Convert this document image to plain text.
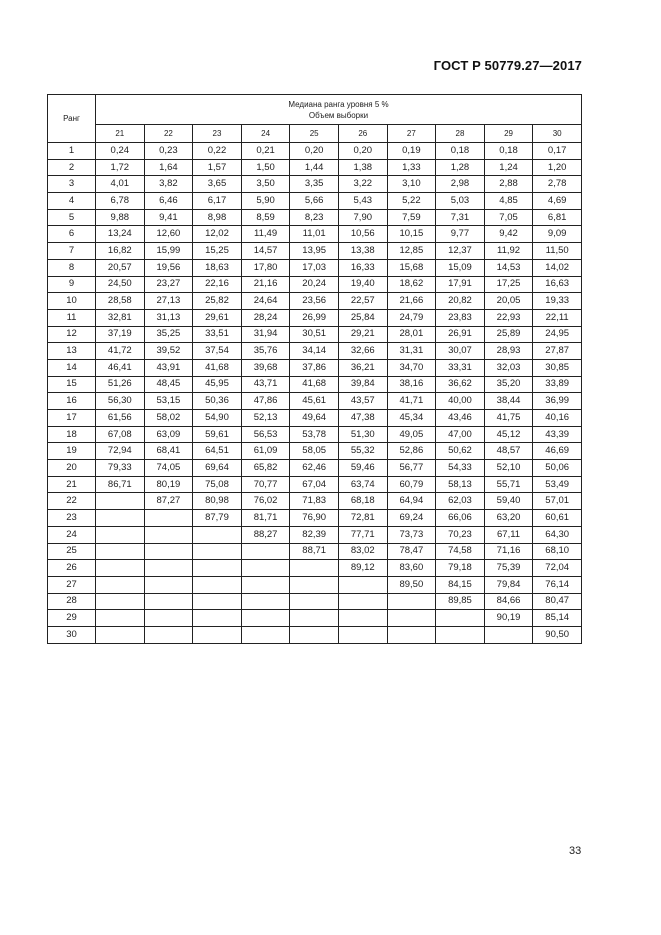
ГОСТ Р 50779.27—2017
Ранг	Медиана ранга уровня 5 %
Объем выборки									

	21	22	23	24	25	26	27	28	29	30
1	0,24	0,23	0,22	0,21	0,20	0,20	0,19	0,18	0,18	0,17
2	1,72	1,64	1,57	1,50	1,44	1,38	1,33	1,28	1,24	1,20
3	4,01	3,82	3,65	3,50	3,35	3,22	3,10	2,98	2,88	2,78
4	6,78	6,46	6,17	5,90	5,66	5,43	5,22	5,03	4,85	4,69
5	9,88	9,41	8,98	8,59	8,23	7,90	7,59	7,31	7,05	6,81
6	13,24	12,60	12,02	11,49	11,01	10,56	10,15	9,77	9,42	9,09
7	16,82	15,99	15,25	14,57	13,95	13,38	12,85	12,37	11,92	11,50
8	20,57	19,56	18,63	17,80	17,03	16,33	15,68	15,09	14,53	14,02
9	24,50	23,27	22,16	21,16	20,24	19,40	18,62	17,91	17,25	16,63
10	28,58	27,13	25,82	24,64	23,56	22,57	21,66	20,82	20,05	19,33
11	32,81	31,13	29,61	28,24	26,99	25,84	24,79	23,83	22,93	22,11
12	37,19	35,25	33,51	31,94	30,51	29,21	28,01	26,91	25,89	24,95
13	41,72	39,52	37,54	35,76	34,14	32,66	31,31	30,07	28,93	27,87
14	46,41	43,91	41,68	39,68	37,86	36,21	34,70	33,31	32,03	30,85
15	51,26	48,45	45,95	43,71	41,68	39,84	38,16	36,62	35,20	33,89
16	56,30	53,15	50,36	47,86	45,61	43,57	41,71	40,00	38,44	36,99
17	61,56	58,02	54,90	52,13	49,64	47,38	45,34	43,46	41,75	40,16
18	67,08	63,09	59,61	56,53	53,78	51,30	49,05	47,00	45,12	43,39
19	72,94	68,41	64,51	61,09	58,05	55,32	52,86	50,62	48,57	46,69
20	79,33	74,05	69,64	65,82	62,46	59,46	56,77	54,33	52,10	50,06
21	86,71	80,19	75,08	70,77	67,04	63,74	60,79	58,13	55,71	53,49
22		87,27	80,98	76,02	71,83	68,18	64,94	62,03	59,40	57,01
23			87,79	81,71	76,90	72,81	69,24	66,06	63,20	60,61
24				88,27	82,39	77,71	73,73	70,23	67,11	64,30
25					88,71	83,02	78,47	74,58	71,16	68,10
26						89,12	83,60	79,18	75,39	72,04
27							89,50	84,15	79,84	76,14
28								89,85	84,66	80,47
29									90,19	85,14
30										90,50
33
